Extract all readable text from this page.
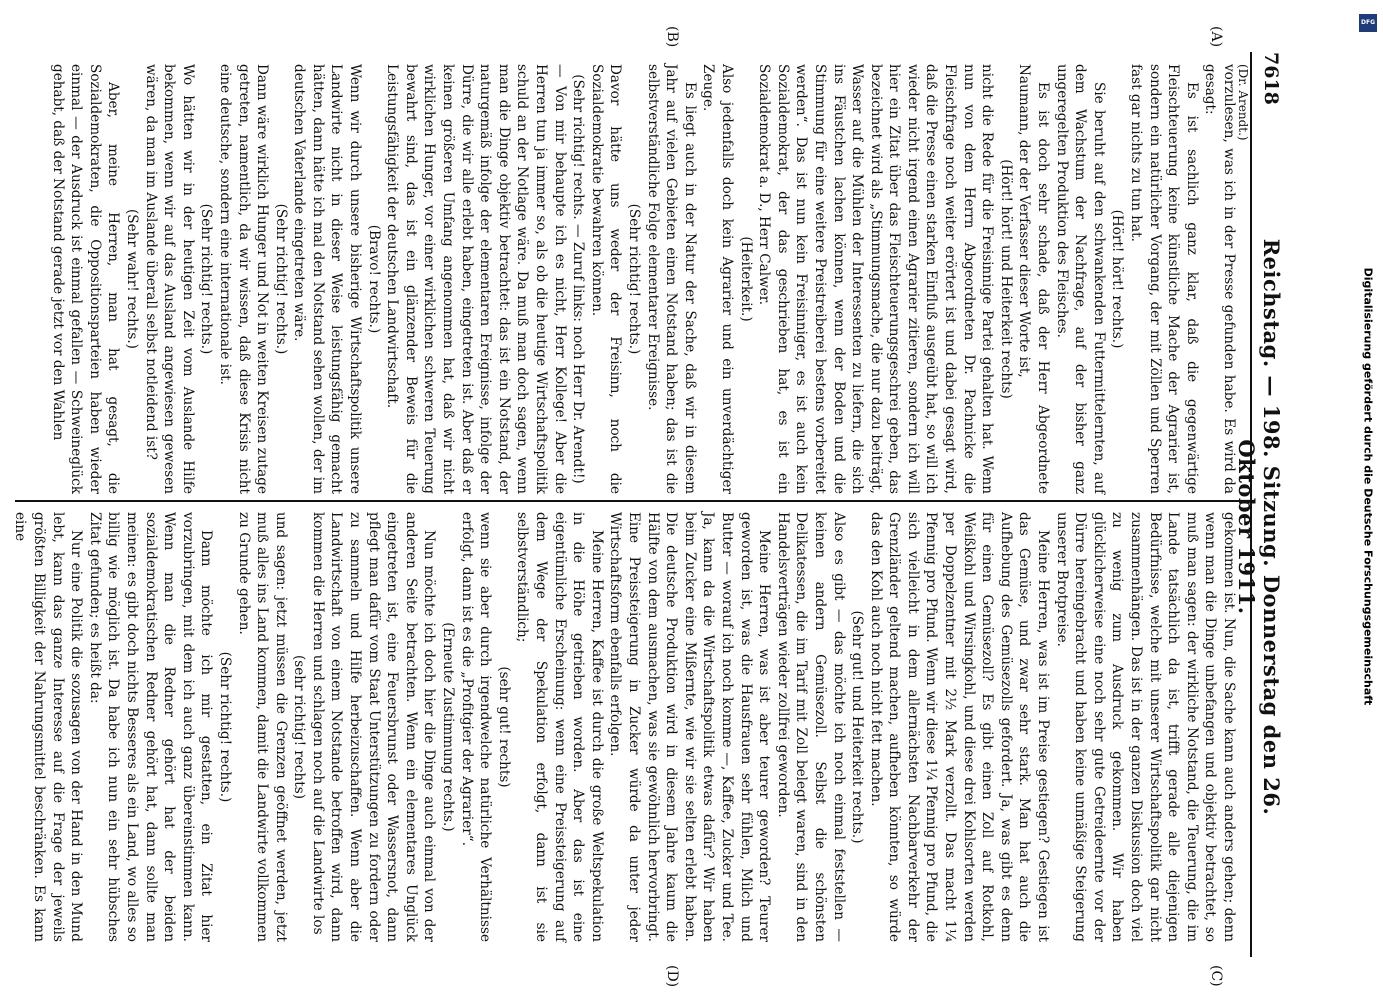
7618
Reichstag. — 198. Sitzung. Donnerstag den 26. Oktober 1911.
(Dr. Arendt.)
(A)
(B)
(C)
(D)

vorzulesen, was ich in der Presse gefunden habe. Es wird da gesagt:

Es ist sachlich ganz klar, daß die gegenwärtige Fleischteuerung keine künstliche Mache der Agrarier ist, sondern ein natürlicher Vorgang, der mit Zöllen und Sperren fast gar nichts zu tun hat.

(Hört! hört! rechts.)

Sie beruht auf den schwankenden Futtermittelernten, auf dem Wachstum der Nachfrage, auf der bisher ganz ungeregelten Produktion des Fleisches.

Es ist doch sehr schade, daß der Herr Abgeordnete Naumann, der der Verfasser dieser Worte ist,

(Hört! hört! und Heiterkeit rechts)

nicht die Rede für die Freisinnige Partei gehalten hat. Wenn nun von dem Herrn Abgeordneten Dr. Pachnicke die Fleischfrage noch weiter erörtert ist und dabei gesagt wird, daß die Presse einen starken Einfluß ausgeübt hat, so will ich wieder nicht irgend einen Agrarier zitieren, sondern ich will hier ein Zitat über das Fleischteuerungsgeschrei geben, das bezeichnet wird als „Stimmungsmache, die nur dazu beiträgt, Wasser auf die Mühlen der Interessenten zu liefern, die sich ins Fäustchen lachen können, wenn der Boden und die Stimmung für eine weitere Preistreiberei bestens vorbereitet werden“. Das ist nun kein Freisinniger, es ist auch kein Sozialdemokrat, der das geschrieben hat, es ist ein Sozialdemokrat a. D., Herr Calwer.

(Heiterkeit.)

Also jedenfalls doch kein Agrarier und ein unverdächtiger Zeuge.

Es liegt auch in der Natur der Sache, daß wir in diesem Jahr auf vielen Gebieten einen Notstand haben; das ist die selbstverständliche Folge elementarer Ereignisse.

(Sehr richtig! rechts.)

Davor hätte uns weder der Freisinn, noch die Sozialdemokratie bewahren können.

(Sehr richtig! rechts. — Zuruf links: noch Herr Dr. Arendt!)

— Von mir behaupte ich es nicht, Herr Kollege! Aber die Herren tun ja immer so, als ob die heutige Wirtschaftspolitik schuld an der Notlage wäre. Da muß man doch sagen, wenn man die Dinge objektiv betrachtet: das ist ein Notstand, der naturgemäß infolge der elementaren Ereignisse, infolge der Dürre, die wir alle erlebt haben, eingetreten ist. Aber daß er keinen größeren Umfang angenommen hat, daß wir nicht wirklichen Hunger, vor einer wirklichen schweren Teuerung bewahrt sind, das ist ein glänzender Beweis für die Leistungsfähigkeit der deutschen Landwirtschaft.

(Bravo! rechts.)

Wenn wir durch unsere bisherige Wirtschaftspolitik unsere Landwirte nicht in dieser Weise leistungsfähig gemacht hätten, dann hätte ich mal den Notstand sehen wollen, der im deutschen Vaterlande eingetreten wäre.

(Sehr richtig! rechts.)

Dann wäre wirklich Hunger und Not in weiten Kreisen zutage getreten, namentlich, da wir wissen, daß diese Krisis nicht eine deutsche, sondern eine internationale ist.

(Sehr richtig! rechts.)

Wo hätten wir in der heutigen Zeit vom Auslande Hilfe bekommen, wenn wir auf das Ausland angewiesen gewesen wären, da man im Auslande überall selbst notleidend ist?

(Sehr wahr! rechts.)

Aber, meine Herren, man hat gesagt, die Sozialdemokraten, die Oppositionsparteien haben wieder einmal — der Ausdruck ist einmal gefallen — Schweineglück gehabt, daß der Notstand gerade jetzt vor den Wahlen

gekommen ist. Nun, die Sache kann auch anders gehen; denn wenn man die Dinge unbefangen und objektiv betrachtet, so muß man sagen: der wirkliche Notstand, die Teuerung, die im Lande tatsächlich da ist, trifft gerade alle diejenigen Bedürfnisse, welche mit unserer Wirtschaftspolitik gar nicht zusammenhängen. Das ist in der ganzen Diskussion doch viel zu wenig zum Ausdruck gekommen. Wir haben glücklicherweise eine noch sehr gute Getreideernte vor der Dürre hereingebracht und haben keine unmäßige Steigerung unserer Brotpreise.

Meine Herren, was ist im Preise gestiegen? Gestiegen ist das Gemüse, und zwar sehr stark. Man hat auch die Aufhebung des Gemüsezolls gefordert. Ja, was gibt es denn für einen Gemüsezoll? Es gibt einen Zoll auf Rotkohl, Weißkohl und Wirsingkohl, und diese drei Kohlsorten werden per Doppelzentner mit 2½ Mark verzollt. Das macht 1¼ Pfennig pro Pfund. Wenn wir diese 1¼ Pfennig pro Pfund, die sich vielleicht in dem allernächsten Nachbarverkehr der Grenzländer geltend machen, aufheben könnten, so würde das den Kohl auch noch nicht fett machen.

(Sehr gut! und Heiterkeit rechts.)

Also es gibt — das möchte ich noch einmal feststellen — keinen andern Gemüsezoll. Selbst die schönsten Delikatessen, die im Tarif mit Zoll belegt waren, sind in den Handelsverträgen wieder zollfrei geworden.

Meine Herren, was ist aber teurer geworden? Teurer geworden ist, was die Hausfrauen sehr fühlen, Milch und Butter — worauf ich noch komme —, Kaffee, Zucker und Tee. Ja, kann da die Wirtschaftspolitik etwas dafür? Wir haben beim Zucker eine Mißernte, wie wir sie selten erlebt haben. Die deutsche Produktion wird in diesem Jahre kaum die Hälfte von dem ausmachen, was sie gewöhnlich hervorbringt. Eine Preissteigerung in Zucker würde da unter jeder Wirtschaftsform ebenfalls erfolgen.

Meine Herren, Kaffee ist durch die große Weltspekulation in die Höhe getrieben worden. Aber das ist eine eigentümliche Erscheinung: wenn eine Preissteigerung auf dem Wege der Spekulation erfolgt, dann ist sie selbstverständlich;

(sehr gut! rechts)

wenn sie aber durch irgendwelche natürliche Verhältnisse erfolgt, dann ist es die „Profitgier der Agrarier“.

(Erneute Zustimmung rechts.)

Nun möchte ich doch hier die Dinge auch einmal von der anderen Seite betrachten. Wenn ein elementares Unglück eingetreten ist, eine Feuersbrunst oder Wassersnot, dann pflegt man dafür vom Staat Unterstützungen zu fordern oder zu sammeln und Hilfe herbeizuschaffen. Wenn aber die Landwirtschaft von einem Notstande betroffen wird, dann kommen die Herren und schlagen noch auf die Landwirte los

(sehr richtig! rechts)

und sagen: jetzt müssen die Grenzen geöffnet werden, jetzt muß alles ins Land kommen, damit die Landwirte vollkommen zu Grunde gehen.

(Sehr richtig! rechts.)

Dann möchte ich mir gestatten, ein Zitat hier vorzubringen, mit dem ich auch ganz übereinstimmen kann. Wenn man die Redner gehört hat der beiden sozialdemokratischen Redner gehört hat, dann sollte man meinen: es gibt doch nichts Besseres als ein Land, wo alles so billig wie möglich ist. Da habe ich nun ein sehr hübsches Zitat gefunden; es heißt da:

Nur eine Politik die sozusagen von der Hand in den Mund lebt, kann das ganze Interesse auf die Frage der jeweils größten Billigkeit der Nahrungsmittel beschränken. Es kann eine

DFG
Digitalisierung gefördert durch die Deutsche Forschungsgemeinschaft
